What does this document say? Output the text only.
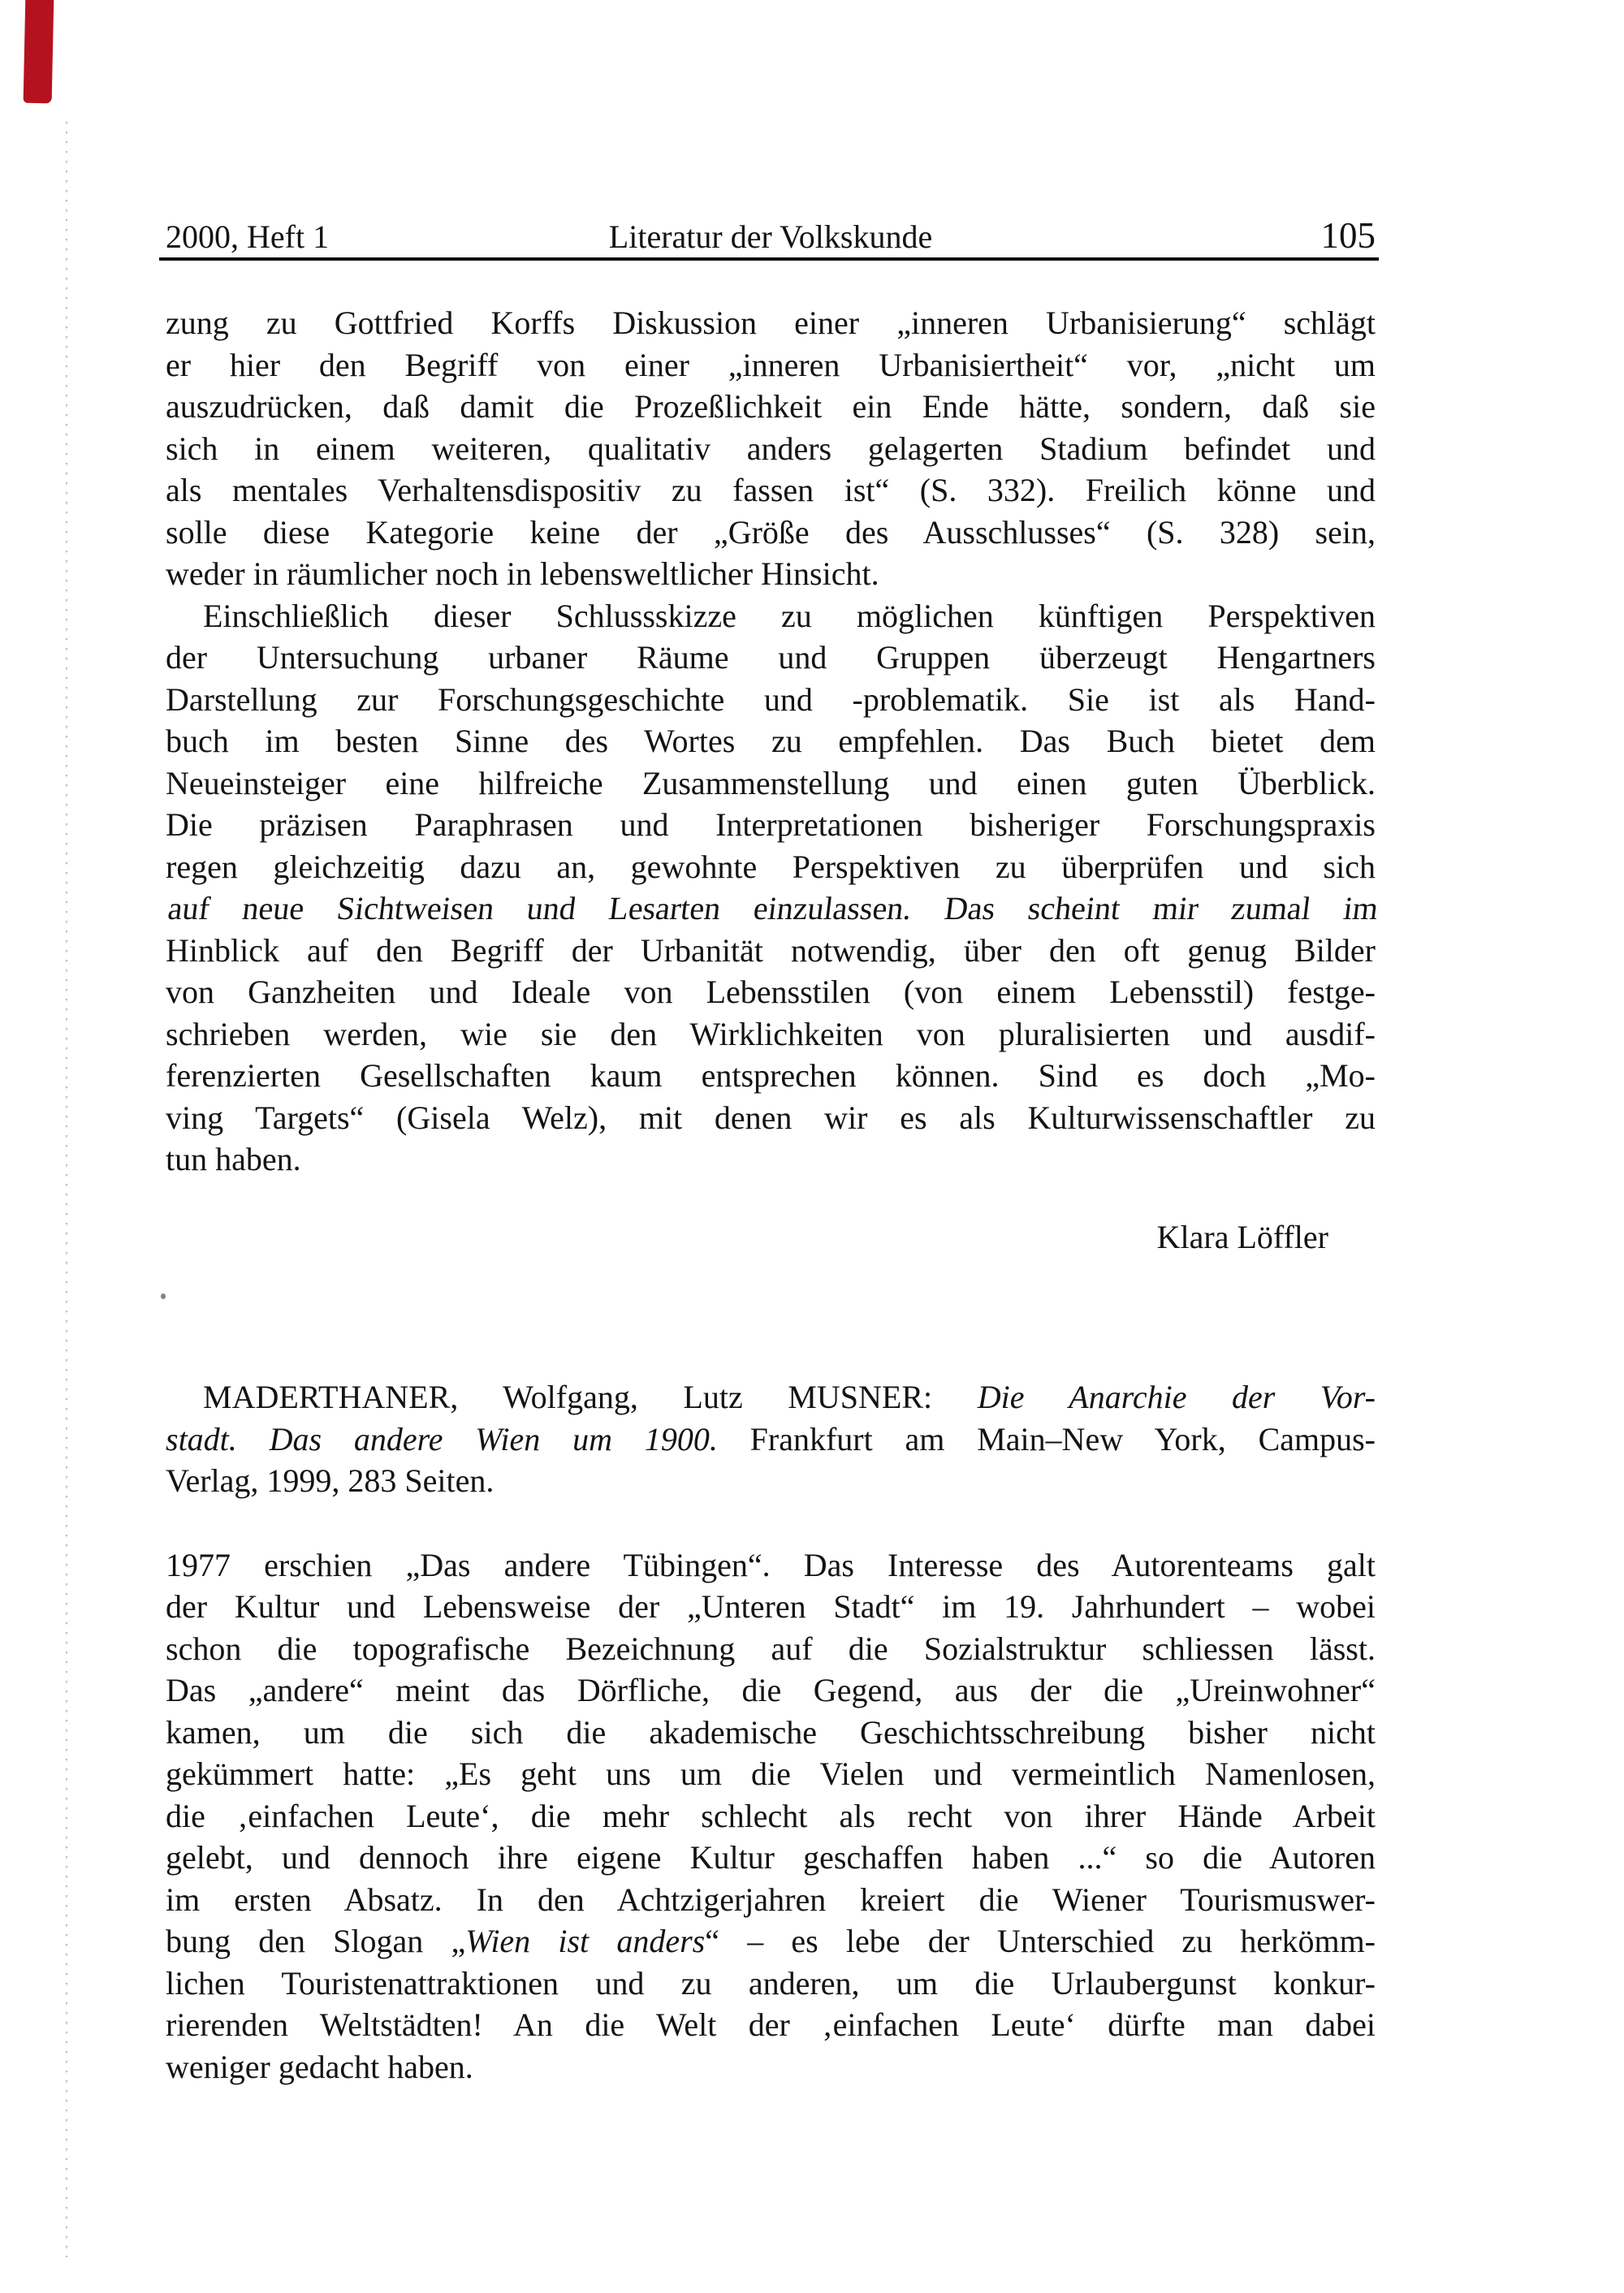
2000, Heft 1	Literatur der Volkskunde	105
zung zu Gottfried Korffs Diskussion einer „inneren Urbanisierung“ schlägt
er hier den Begriff von einer „inneren Urbanisiertheit“ vor, „nicht um
auszudrücken, daß damit die Prozeßlichkeit ein Ende hätte, sondern, daß sie
sich in einem weiteren, qualitativ anders gelagerten Stadium befindet und
als mentales Verhaltensdispositiv zu fassen ist“ (S. 332). Freilich könne und
solle diese Kategorie keine der „Größe des Ausschlusses“ (S. 328) sein,
weder in räumlicher noch in lebensweltlicher Hinsicht.
Einschließlich dieser Schlussskizze zu möglichen künftigen Perspektiven
der Untersuchung urbaner Räume und Gruppen überzeugt Hengartners
Darstellung zur Forschungsgeschichte und -problematik. Sie ist als Hand-
buch im besten Sinne des Wortes zu empfehlen. Das Buch bietet dem
Neueinsteiger eine hilfreiche Zusammenstellung und einen guten Überblick.
Die präzisen Paraphrasen und Interpretationen bisheriger Forschungspraxis
regen gleichzeitig dazu an, gewohnte Perspektiven zu überprüfen und sich
auf neue Sichtweisen und Lesarten einzulassen. Das scheint mir zumal im
Hinblick auf den Begriff der Urbanität notwendig, über den oft genug Bilder
von Ganzheiten und Ideale von Lebensstilen (von einem Lebensstil) festge-
schrieben werden, wie sie den Wirklichkeiten von pluralisierten und ausdif-
ferenzierten Gesellschaften kaum entsprechen können. Sind es doch „Mo-
ving Targets“ (Gisela Welz), mit denen wir es als Kulturwissenschaftler zu
tun haben.
Klara Löffler
MADERTHANER, Wolfgang, Lutz MUSNER: Die Anarchie der Vor-
stadt. Das andere Wien um 1900. Frankfurt am Main–New York, Campus-
Verlag, 1999, 283 Seiten.
1977 erschien „Das andere Tübingen“. Das Interesse des Autorenteams galt
der Kultur und Lebensweise der „Unteren Stadt“ im 19. Jahrhundert – wobei
schon die topografische Bezeichnung auf die Sozialstruktur schliessen lässt.
Das „andere“ meint das Dörfliche, die Gegend, aus der die „Ureinwohner“
kamen, um die sich die akademische Geschichtsschreibung bisher nicht
gekümmert hatte: „Es geht uns um die Vielen und vermeintlich Namenlosen,
die ‚einfachen Leute‘, die mehr schlecht als recht von ihrer Hände Arbeit
gelebt, und dennoch ihre eigene Kultur geschaffen haben ...“ so die Autoren
im ersten Absatz. In den Achtzigerjahren kreiert die Wiener Tourismuswer-
bung den Slogan „Wien ist anders“ – es lebe der Unterschied zu herkömm-
lichen Touristenattraktionen und zu anderen, um die Urlaubergunst konkur-
rierenden Weltstädten! An die Welt der ‚einfachen Leute‘ dürfte man dabei
weniger gedacht haben.
